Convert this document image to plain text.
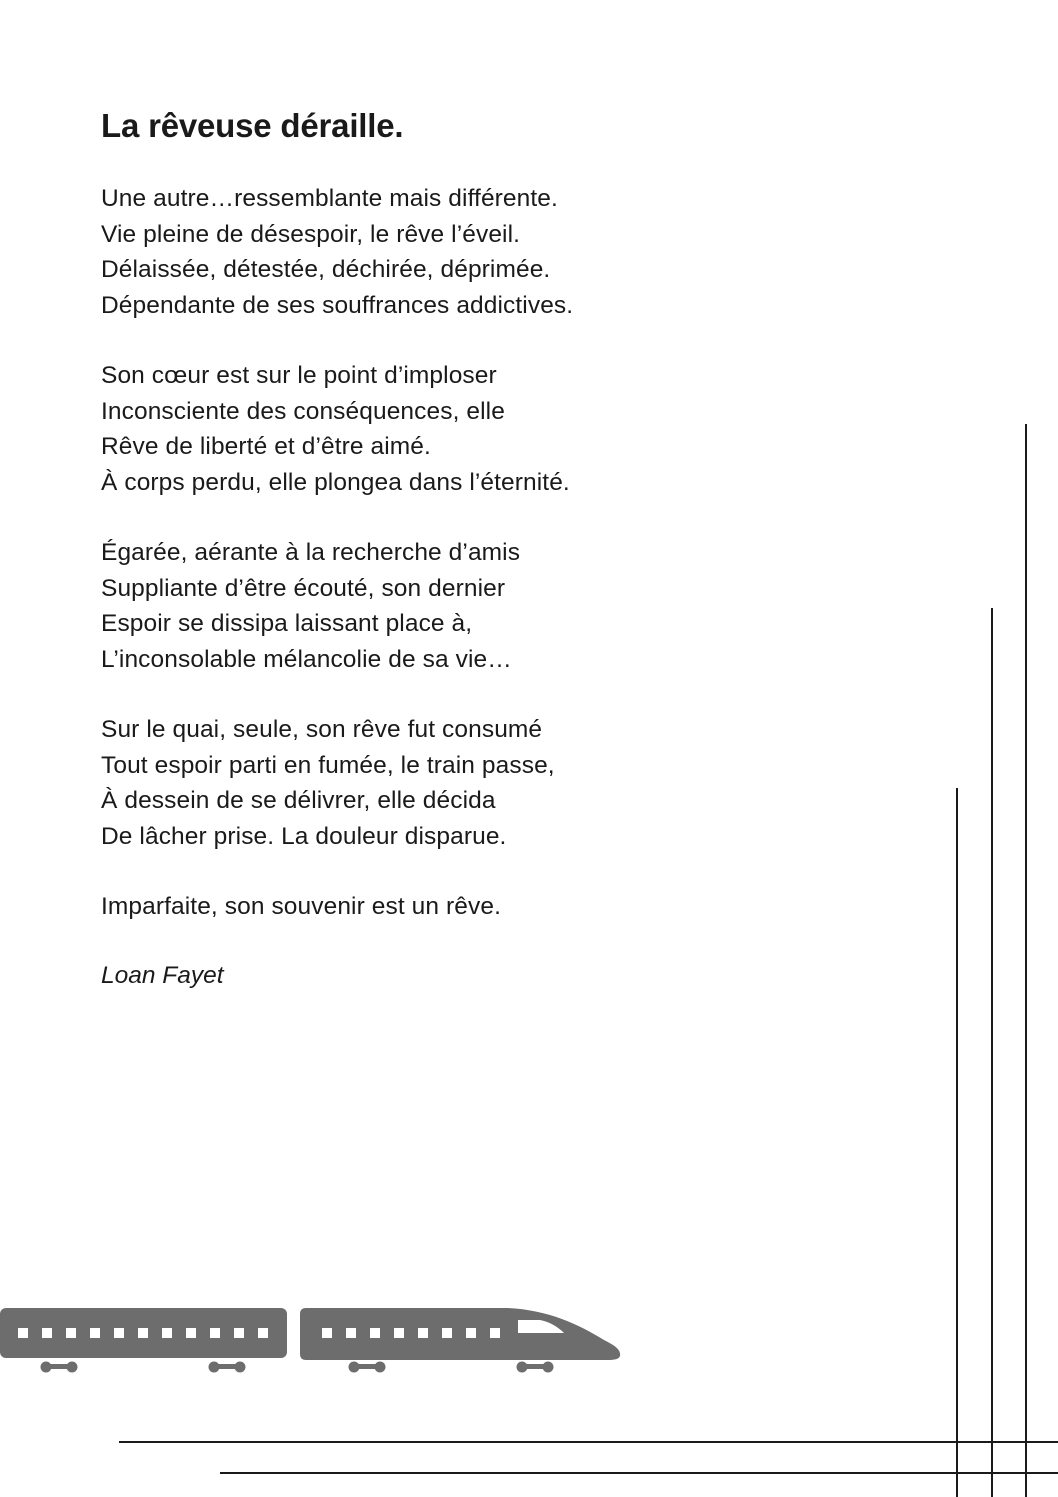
La rêveuse déraille.
Une autre…ressemblante mais différente.
Vie pleine de désespoir, le rêve l’éveil.
Délaissée, détestée, déchirée, déprimée.
Dépendante de ses souffrances addictives.
Son cœur est sur le point d’imploser
Inconsciente des conséquences, elle
Rêve de liberté et d’être aimé.
À corps perdu, elle plongea dans l’éternité.
Égarée, aérante à la recherche d’amis
Suppliante d’être écouté, son dernier
Espoir se dissipa laissant place à,
L’inconsolable mélancolie de sa vie…
Sur le quai, seule, son rêve fut consumé
Tout espoir parti en fumée, le train passe,
À dessein de se délivrer, elle décida
De lâcher prise. La douleur disparue.
Imparfaite, son souvenir est un rêve.
Loan Fayet
